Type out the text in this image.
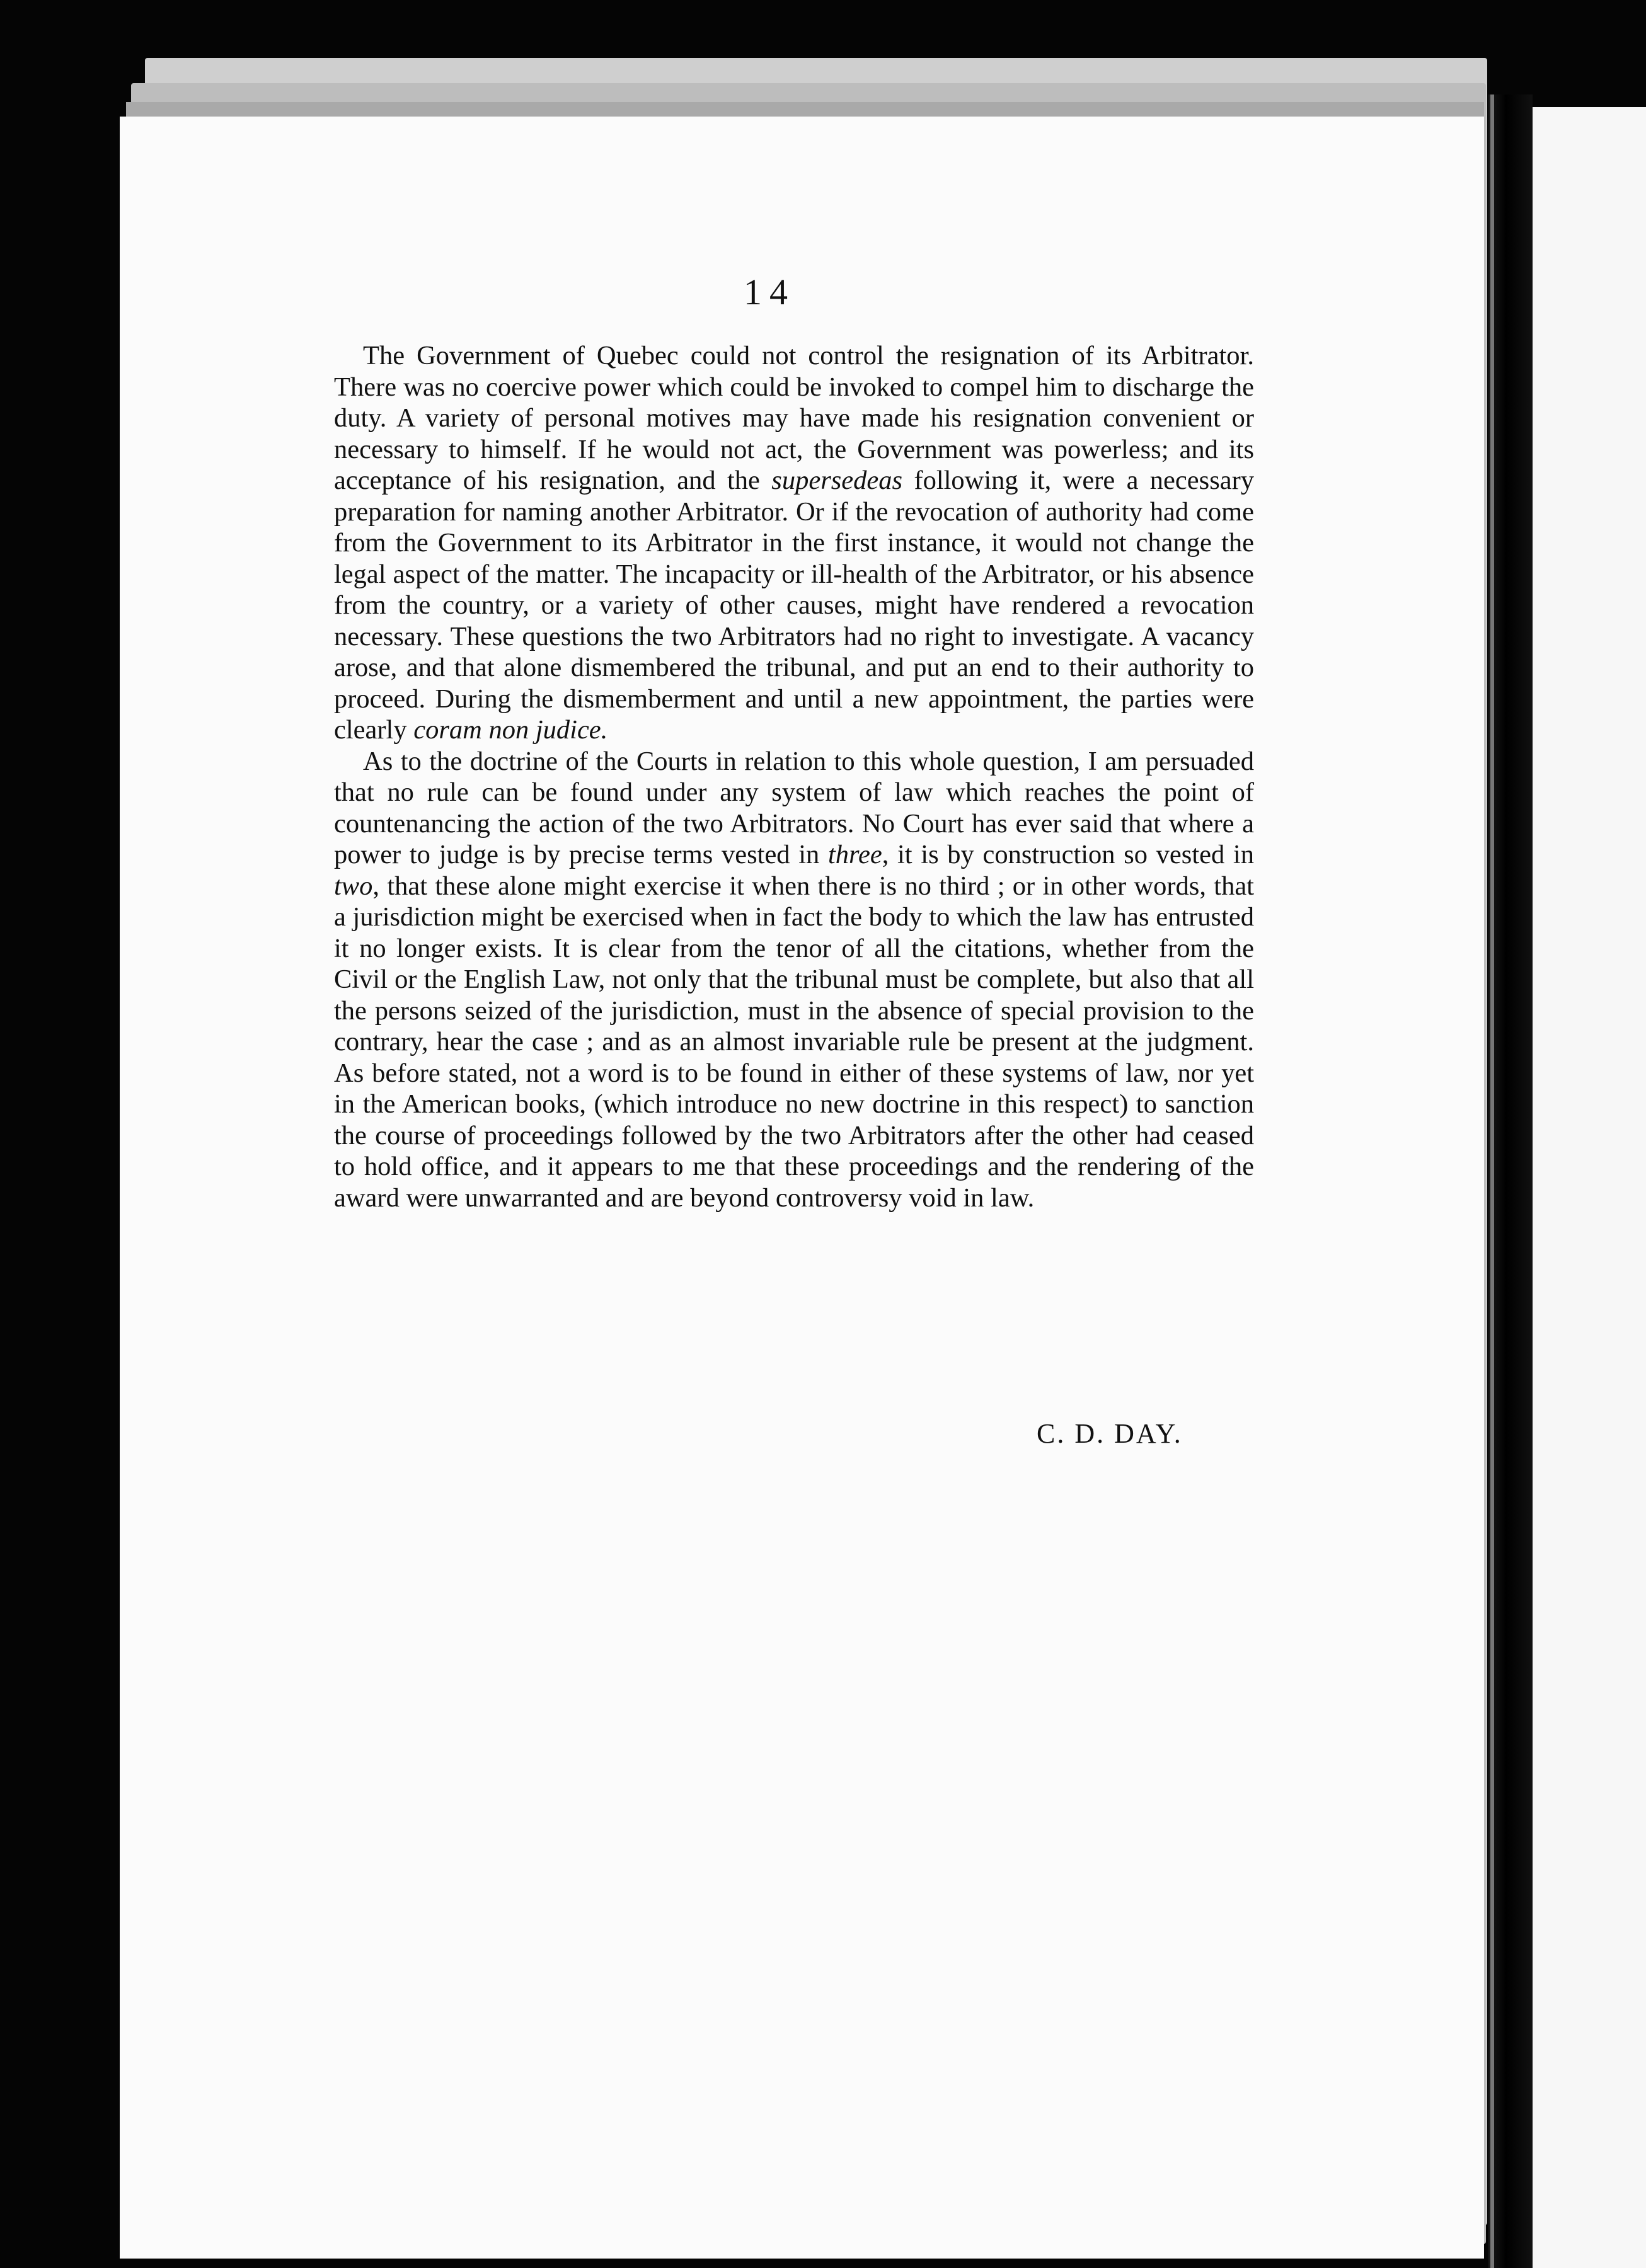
14

The Government of Quebec could not control the resignation of its Arbitrator. There was no coercive power which could be invoked to compel him to discharge the duty. A variety of personal motives may have made his resignation convenient or necessary to himself. If he would not act, the Government was powerless; and its acceptance of his resignation, and the supersedeas following it, were a necessary preparation for naming another Arbitrator. Or if the revocation of authority had come from the Government to its Arbitrator in the first instance, it would not change the legal aspect of the matter. The incapacity or ill-health of the Arbitrator, or his absence from the country, or a variety of other causes, might have rendered a revocation necessary. These questions the two Arbitrators had no right to investigate. A vacancy arose, and that alone dismembered the tribunal, and put an end to their authority to proceed. During the dismemberment and until a new appointment, the parties were clearly coram non judice.

As to the doctrine of the Courts in relation to this whole question, I am persuaded that no rule can be found under any system of law which reaches the point of countenancing the action of the two Arbitrators. No Court has ever said that where a power to judge is by precise terms vested in three, it is by construction so vested in two, that these alone might exercise it when there is no third ; or in other words, that a jurisdiction might be exercised when in fact the body to which the law has entrusted it no longer exists. It is clear from the tenor of all the citations, whether from the Civil or the English Law, not only that the tribunal must be complete, but also that all the persons seized of the jurisdiction, must in the absence of special provision to the contrary, hear the case ; and as an almost invariable rule be present at the judgment. As before stated, not a word is to be found in either of these systems of law, nor yet in the American books, (which introduce no new doctrine in this respect) to sanction the course of proceedings followed by the two Arbitrators after the other had ceased to hold office, and it appears to me that these proceedings and the rendering of the award were unwarranted and are beyond controversy void in law.

C. D. DAY.
